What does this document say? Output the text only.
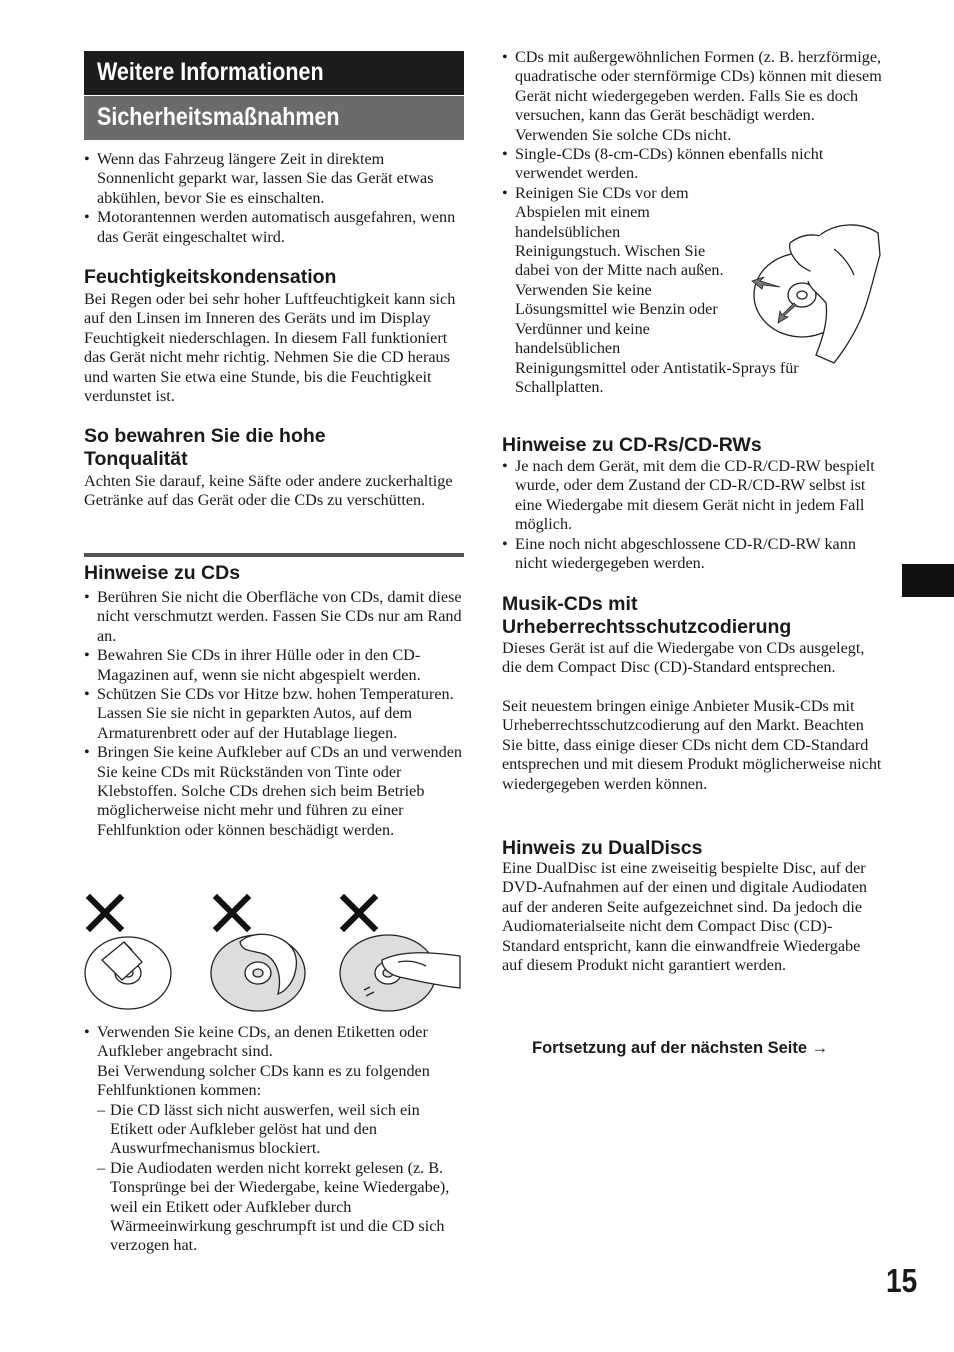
Weitere Informationen
Sicherheitsmaßnahmen
• Wenn das Fahrzeug längere Zeit in direktem Sonnenlicht geparkt war, lassen Sie das Gerät etwas abkühlen, bevor Sie es einschalten.
• Motorantennen werden automatisch ausgefahren, wenn das Gerät eingeschaltet wird.
Feuchtigkeitskondensation
Bei Regen oder bei sehr hoher Luftfeuchtigkeit kann sich auf den Linsen im Inneren des Geräts und im Display Feuchtigkeit niederschlagen. In diesem Fall funktioniert das Gerät nicht mehr richtig. Nehmen Sie die CD heraus und warten Sie etwa eine Stunde, bis die Feuchtigkeit verdunstet ist.
So bewahren Sie die hohe Tonqualität
Achten Sie darauf, keine Säfte oder andere zuckerhaltige Getränke auf das Gerät oder die CDs zu verschütten.
Hinweise zu CDs
• Berühren Sie nicht die Oberfläche von CDs, damit diese nicht verschmutzt werden. Fassen Sie CDs nur am Rand an.
• Bewahren Sie CDs in ihrer Hülle oder in den CD-Magazinen auf, wenn sie nicht abgespielt werden.
• Schützen Sie CDs vor Hitze bzw. hohen Temperaturen. Lassen Sie sie nicht in geparkten Autos, auf dem Armaturenbrett oder auf der Hutablage liegen.
• Bringen Sie keine Aufkleber auf CDs an und verwenden Sie keine CDs mit Rückständen von Tinte oder Klebstoffen. Solche CDs drehen sich beim Betrieb möglicherweise nicht mehr und führen zu einer Fehlfunktion oder können beschädigt werden.
• Verwenden Sie keine CDs, an denen Etiketten oder Aufkleber angebracht sind.
Bei Verwendung solcher CDs kann es zu folgenden Fehlfunktionen kommen:
– Die CD lässt sich nicht auswerfen, weil sich ein Etikett oder Aufkleber gelöst hat und den Auswurfmechanismus blockiert.
– Die Audiodaten werden nicht korrekt gelesen (z. B. Tonsprünge bei der Wiedergabe, keine Wiedergabe), weil ein Etikett oder Aufkleber durch Wärmeeinwirkung geschrumpft ist und die CD sich verzogen hat.
• CDs mit außergewöhnlichen Formen (z. B. herzförmige, quadratische oder sternförmige CDs) können mit diesem Gerät nicht wiedergegeben werden. Falls Sie es doch versuchen, kann das Gerät beschädigt werden. Verwenden Sie solche CDs nicht.
• Single-CDs (8-cm-CDs) können ebenfalls nicht verwendet werden.
• Reinigen Sie CDs vor dem
Abspielen mit einem
handelsüblichen
Reinigungstuch. Wischen Sie
dabei von der Mitte nach außen.
Verwenden Sie keine
Lösungsmittel wie Benzin oder
Verdünner und keine
handelsüblichen
Reinigungsmittel oder Antistatik-Sprays für
Schallplatten.
Hinweise zu CD-Rs/CD-RWs
• Je nach dem Gerät, mit dem die CD-R/CD-RW bespielt wurde, oder dem Zustand der CD-R/CD-RW selbst ist eine Wiedergabe mit diesem Gerät nicht in jedem Fall möglich.
• Eine noch nicht abgeschlossene CD-R/CD-RW kann nicht wiedergegeben werden.
Musik-CDs mit Urheberrechtsschutzcodierung
Dieses Gerät ist auf die Wiedergabe von CDs ausgelegt, die dem Compact Disc (CD)-Standard entsprechen.
Seit neuestem bringen einige Anbieter Musik-CDs mit Urheberrechtsschutzcodierung auf den Markt. Beachten Sie bitte, dass einige dieser CDs nicht dem CD-Standard entsprechen und mit diesem Produkt möglicherweise nicht wiedergegeben werden können.
Hinweis zu DualDiscs
Eine DualDisc ist eine zweiseitig bespielte Disc, auf der DVD-Aufnahmen auf der einen und digitale Audiodaten auf der anderen Seite aufgezeichnet sind. Da jedoch die Audiomaterialseite nicht dem Compact Disc (CD)-Standard entspricht, kann die einwandfreie Wiedergabe auf diesem Produkt nicht garantiert werden.
Fortsetzung auf der nächsten Seite →
15
